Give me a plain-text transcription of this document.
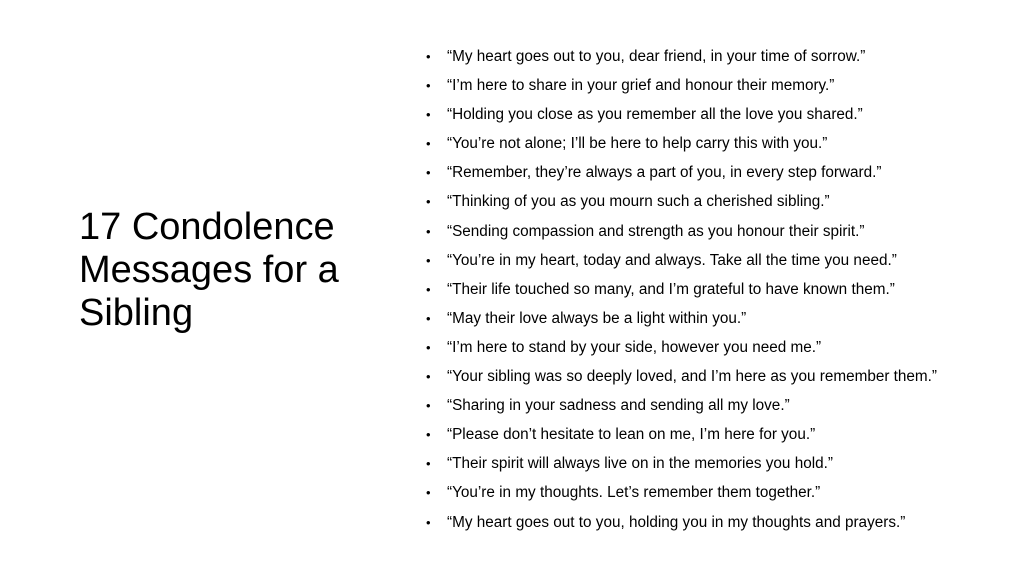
17 Condolence Messages for a Sibling
• “My heart goes out to you, dear friend, in your time of sorrow.”
• “I’m here to share in your grief and honour their memory.”
• “Holding you close as you remember all the love you shared.”
• “You’re not alone; I’ll be here to help carry this with you.”
• “Remember, they’re always a part of you, in every step forward.”
• “Thinking of you as you mourn such a cherished sibling.”
• “Sending compassion and strength as you honour their spirit.”
• “You’re in my heart, today and always. Take all the time you need.”
• “Their life touched so many, and I’m grateful to have known them.”
• “May their love always be a light within you.”
• “I’m here to stand by your side, however you need me.”
• “Your sibling was so deeply loved, and I’m here as you remember them.”
• “Sharing in your sadness and sending all my love.”
• “Please don’t hesitate to lean on me, I’m here for you.”
• “Their spirit will always live on in the memories you hold.”
• “You’re in my thoughts. Let’s remember them together.”
• “My heart goes out to you, holding you in my thoughts and prayers.”
